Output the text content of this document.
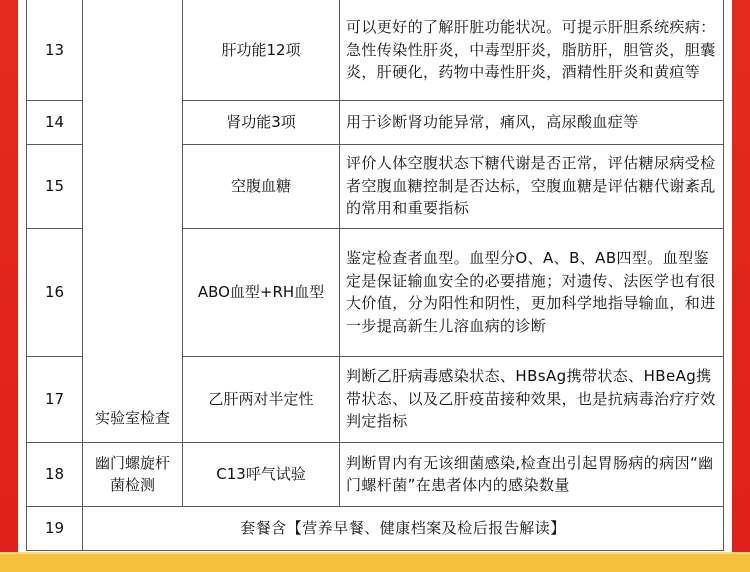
13	实验室检查	肝功能12项	可以更好的了解肝脏功能状况。可提示肝胆系统疾病：急性传染性肝炎，中毒型肝炎，脂肪肝，胆管炎，胆囊炎，肝硬化，药物中毒性肝炎，酒精性肝炎和黄疸等
14		肾功能3项	用于诊断肾功能异常，痛风，高尿酸血症等
15		空腹血糖	评价人体空腹状态下糖代谢是否正常，评估糖尿病受检者空腹血糖控制是否达标，空腹血糖是评估糖代谢紊乱的常用和重要指标
16		ABO血型+RH血型	鉴定检查者血型。血型分O、A、B、AB四型。血型鉴定是保证输血安全的必要措施；对遗传、法医学也有很大价值，分为阳性和阴性，更加科学地指导输血，和进一步提高新生儿溶血病的诊断
17		乙肝两对半定性	判断乙肝病毒感染状态、HBsAg携带状态、HBeAg携带状态、以及乙肝疫苗接种效果，也是抗病毒治疗疗效判定指标
18	幽门螺旋杆菌检测	C13呼气试验	判断胃内有无该细菌感染,检查出引起胃肠病的病因“幽门螺杆菌”在患者体内的感染数量
19	套餐含【营养早餐、健康档案及检后报告解读】		
